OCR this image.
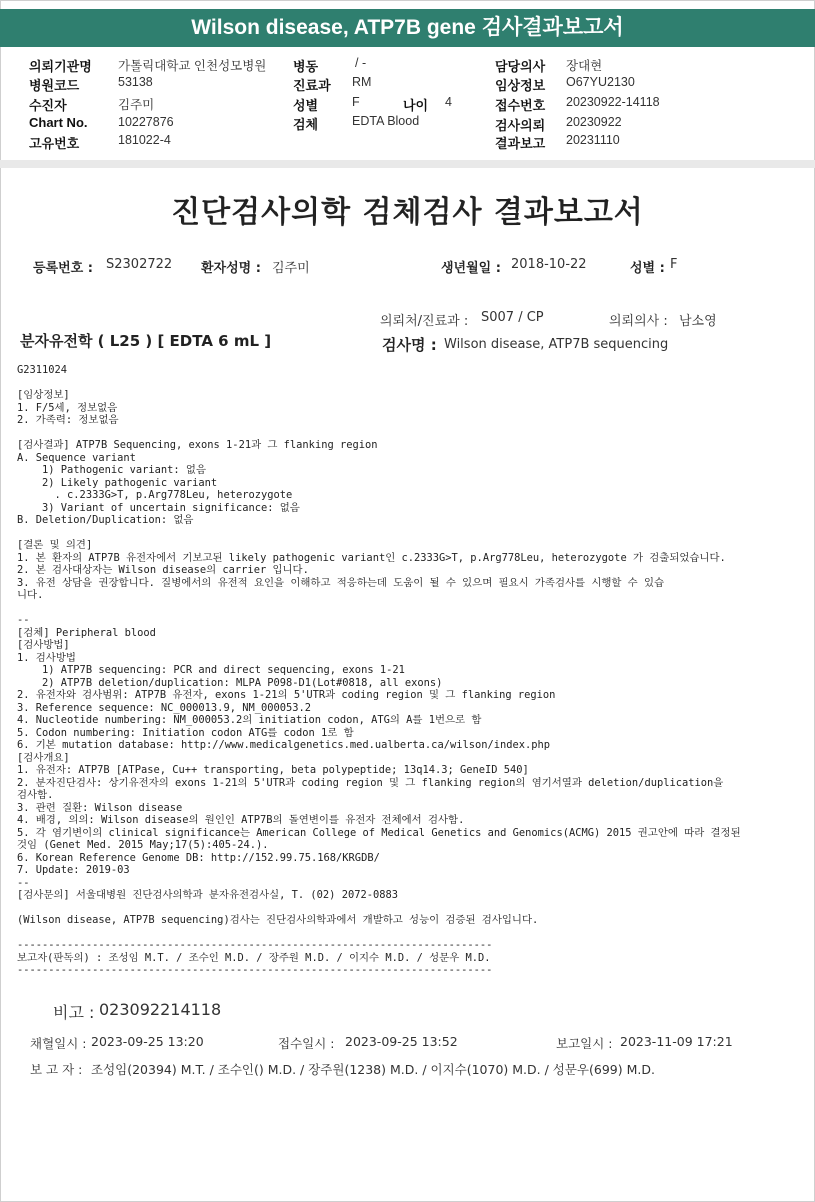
Wilson disease, ATP7B gene 검사결과보고서
의뢰기관명 가톨릭대학교 인천성모병원
병원코드	53138
수진자	김주미
Chart No. 10227876
고유번호	181022-4
병동	/ -
진료과 RM
성별	F	나이 4
검체	EDTA Blood
담당의사 장대현
임상정보 O67YU2130
접수번호 20230922-14118
검사의뢰 20230922
결과보고 20231110
진단검사의학 검체검사 결과보고서
등록번호 : S2302722 환자성명 : 김주미	생년월일 : 2018-10-22	성별 : F
의뢰처/진료과 : S007 / CP	의뢰의사 : 남소영
분자유전학 ( L25 ) [ EDTA 6 mL ]	검사명 : Wilson disease, ATP7B sequencing
G2311024
[임상정보]
1. F/5세, 정보없음
2. 가족력: 정보없음
[검사결과] ATP7B Sequencing, exons 1-21과 그 flanking region
A. Sequence variant
1) Pathogenic variant: 없음
2) Likely pathogenic variant
. c.2333G>T, p.Arg778Leu, heterozygote
3) Variant of uncertain significance: 없음
B. Deletion/Duplication: 없음
[결론 및 의견]
1. 본 환자의 ATP7B 유전자에서 기보고된 likely pathogenic variant인 c.2333G>T, p.Arg778Leu, heterozygote 가 검출되었습니다.
2. 본 검사대상자는 Wilson disease의 carrier 입니다.
3. 유전 상담을 권장합니다. 질병에서의 유전적 요인을 이해하고 적응하는데 도움이 될 수 있으며 필요시 가족검사를 시행할 수 있습
니다.
--
[검체] Peripheral blood
[검사방법]
1. 검사방법
1) ATP7B sequencing: PCR and direct sequencing, exons 1-21
2) ATP7B deletion/duplication: MLPA P098-D1(Lot#0818, all exons)
2. 유전자와 검사범위: ATP7B 유전자, exons 1-21의 5'UTR과 coding region 및 그 flanking region
3. Reference sequence: NC_000013.9, NM_000053.2
4. Nucleotide numbering: NM_000053.2의 initiation codon, ATG의 A를 1번으로 함
5. Codon numbering: Initiation codon ATG를 codon 1로 함
6. 기본 mutation database: http://www.medicalgenetics.med.ualberta.ca/wilson/index.php
[검사개요]
1. 유전자: ATP7B [ATPase, Cu++ transporting, beta polypeptide; 13q14.3; GeneID 540]
2. 분자진단검사: 상기유전자의 exons 1-21의 5'UTR과 coding region 및 그 flanking region의 염기서열과 deletion/duplication을
검사함.
3. 관련 질환: Wilson disease
4. 배경, 의의: Wilson disease의 원인인 ATP7B의 돌연변이를 유전자 전체에서 검사함.
5. 각 염기변이의 clinical significance는 American College of Medical Genetics and Genomics(ACMG) 2015 권고안에 따라 결정된
것임 (Genet Med. 2015 May;17(5):405-24.).
6. Korean Reference Genome DB: http://152.99.75.168/KRGDB/
7. Update: 2019-03
--
[검사문의] 서울대병원 진단검사의학과 분자유전검사실, T. (02) 2072-0883
(Wilson disease, ATP7B sequencing)검사는 진단검사의학과에서 개발하고 성능이 검증된 검사입니다.
----------------------------------------------------------------------------
보고자(판독의) : 조성임 M.T. / 조수인 M.D. / 장주원 M.D. / 이지수 M.D. / 성문우 M.D.
----------------------------------------------------------------------------
비고 : 023092214118
채혈일시 : 2023-09-25 13:20	접수일시 : 2023-09-25 13:52	보고일시 : 2023-11-09 17:21
보 고 자 : 조성임(20394) M.T. / 조수인() M.D. / 장주원(1238) M.D. / 이지수(1070) M.D. / 성문우(699) M.D.
